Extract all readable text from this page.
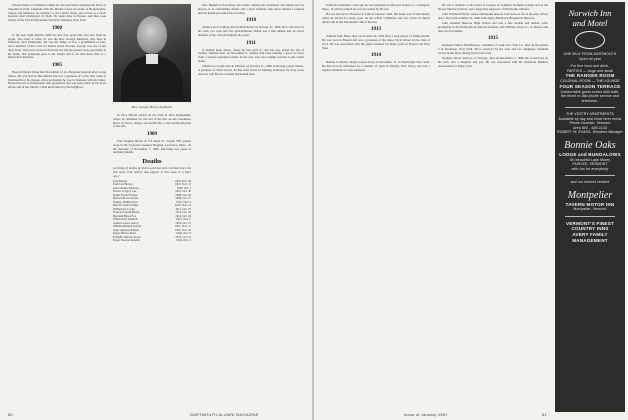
Student Pastor at Earlham College for one year before entering the Navy as chaplain in 1942. Chaplain with the Marine Corps in Guam, at Bougainville, Saipan and Okinawa, he returned to the United States and served at a naval hospital until discharged in 1946. He spent time in Europe and then took charge of the First Presbyterian Church in Ossining, New York.

1900

In the past eight months 1900 has lost four good men and true from its group. The latest to leave us was the Rev. George Kaltbach, who died in Jefferson, New Hampshire. He was the father of two, a grandfather of four, and a member of the Class for almost seven decades. George was one of our most loyal. Word was received from his son that he passed away peacefully at his home. Our sympathy goes to his family and to all who knew him as a friend and classmate.

1905

Harold Edward Wood died November 12 in a Belgrade hospital after a long illness. He was born in Bloomfield and was a graduate of Colby who came to Dartmouth for his degree. After graduation he was in business with his father. Harold moved to Kennebunk after graduation and was long active in his town affairs and in the church, a man much liked by his neighbors.

Rev. George Henry Kaltbach

In 1914 Harold settled on his farm in West Kennebunk, where he remained for the rest of his life. As his classmates knew, he lived a happy and useful life, a real Dartmouth man to the end.

1909

Fred Stephen Brock of 716 Main St., Salem, NH, passed away in the Lawrence General Hospital, Lawrence, Mass., on the morning of November 7, 1966, following two years of declining health.

Deaths

[A listing of deaths of which word has been received since the last issue. Full notices may appear in this issue or a later one.]

Ivan Barnes	1900, Nov. 26
Paul Carl Brown	1903, Nov. 13
John Thomas Dickson	1906, Oct. 1
Robert Lovejoy Lee	1907, Oct. 30
Ralph Edward Foster	1908, Oct. 20
Herbert Brown Noyes	1908, Oct. 27
Stanley Tallman Kerr	1910, Nov. 9
Harold Carlton White	1910, Nov. 21
William Ira Cooke	1911, Oct. 27
Francis Edward Hazen	1913, Oct. 25
Bertrand Hayes Fox	1914, Oct. 24
Willard Day Kimball	1915, Nov. 5
Arthur Lewis Lathrop	1918, Oct. 31
William Richard Norton	1921, Nov. 11
Sears Appleton Parker	1922, Nov. 18
Edgar Horace Reed	1926, Nov. 8
Franklin Webster Wood	1931, Oct. 16
Roger Newton Kendall	1934, Nov. 2

Mrs. Bennett in San Diego last winter. Among his classmates and friends he was known as an outstanding athlete and a loyal alumnus who never missed a reunion until ill health prevented his traveling.

1910

Arthur Lewis Lathrop died in Manchester on October 31, 1966. He is survived by his wife, two sons and five grandchildren. Ralph was a fine athlete and an active member of his class throughout the years.

1911

A sudden heart attack, where he had gone to visit his son, ended the life of Stanley Tallman Kerr on November 9. Stanley had been making a good recovery from a serious operation earlier in the year and was looking forward to his return home.

Charles Ira Cooke died in Windsor on October 27, 1966, following a short illness. A graduate of Tuck School, he had been active in banking in Boston for forty years and was well known to many Dartmouth men.

80	DARTMOUTH ALUMNI MAGAZINE

Until his retirement a year ago he was president of Jefferson Union Co., Lexington, Mass., in which position he was succeeded by his son.

He was married to Florence E. Link in January, 1920. His home was in Winchester, where he served for many years on the school committee and was active in church affairs and in the Dartmouth Club of Boston.

1913

William John Haley died on October 26, 1966 after a long period of failing health. He was born in Boston and was a graduate of the Amos Tuck School in the class of 1914. He was associated with the paper business for many years in Boston and New York.

1914

Dennis Cochrane Chapin passed away on November 11, in Newburgh, New York. He had lived in retirement for a number of years in Tenafly, New Jersey, and was a regular attendant at Class reunions.

He was a member of the board of trustees of Southern Vermont College and of the Dorset Theatre Festival, and a long-time supporter of Dartmouth athletics.

John Normand Hardy, whose Dartmouth interest went back as far as his prep school days, died on November 19, 1966 at the Mary Hitchcock Hospital in Hanover.

John attended Hanover High School and was a fine student and athlete. After graduating from Dartmouth he entered business with Whittier Glass Co. in Boston and later lived in Maine.

1915

Kenneth Wallace MacPherson, a member of Camp Two Trail Co., died on November 5 in Rochester, New York. He is survived by his wife and two daughters. Kenneth served in the Navy during both world wars.

Norman Oliver Stewart, of Chicago, died on December 1, 1966. He is survived by his wife, and a daughter and son. He was associated with the American Bankers Association for many years.

Norwich Inn
and Motel
ONE MILE FROM DARTMOUTH
Open all year
For fine food and drink,
PARTIES — large and small
THE RANGER ROOM
COLONIAL ROOM — THE LOUNGE
FOUR SEASON TERRACE
Comfortable guest rooms with bath,
the finest in dial phone service and television.
THE VESTRY APARTMENTS
Available by day and short term rental
Phone Norwich, Vermont
Area 802 - 649-1143
ROBERT W. EVANS, Resident Manager
Bonnie Oaks
LODGE and BUNGALOWS
On beautiful Lake Morey
FAIRLEE, VERMONT
with fun for everybody
and our newest venture
Montpelier
TAVERN MOTOR INN
Montpelier, Vermont
VERMONT'S FINEST
COUNTRY INNS
AVERY FAMILY
MANAGEMENT
Issue of January 1967	81
